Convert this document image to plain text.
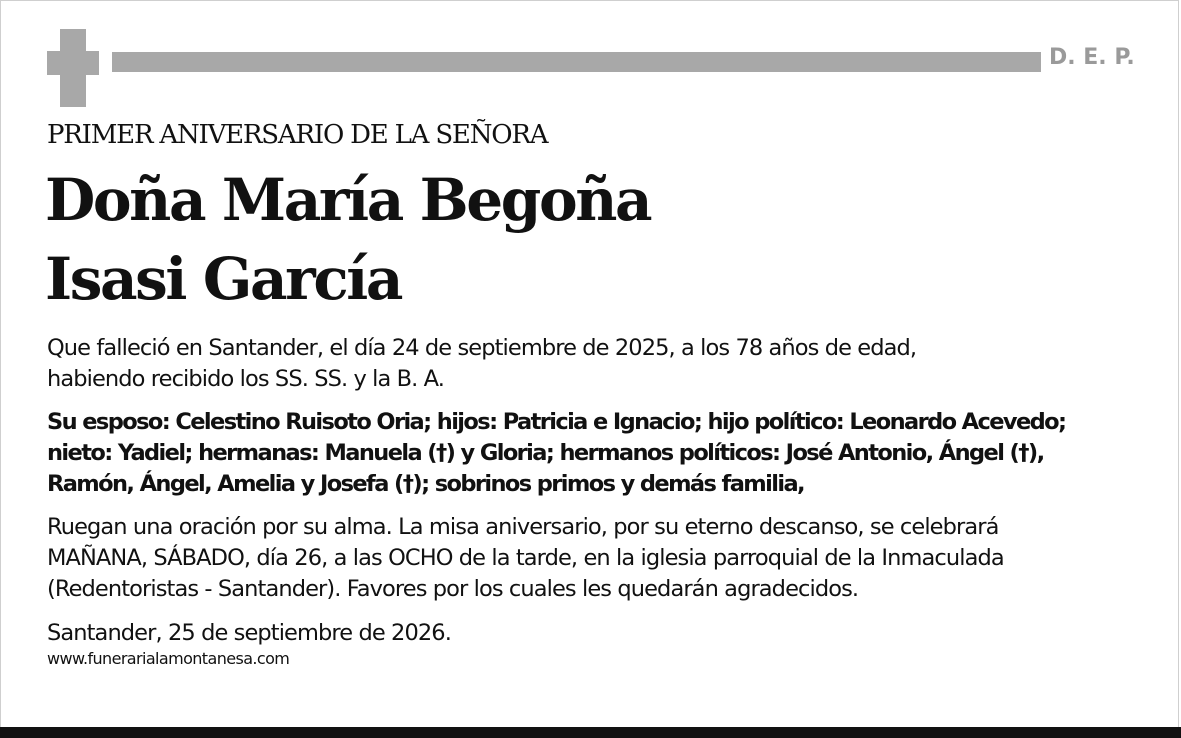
D. E. P.
PRIMER ANIVERSARIO DE LA SEÑORA
Doña María Begoña
Isasi García
Que falleció en Santander, el día 24 de septiembre de 2025, a los 78 años de edad,
habiendo recibido los SS. SS. y la B. A.
Su esposo: Celestino Ruisoto Oria; hijos: Patricia e Ignacio; hijo político: Leonardo Acevedo;
nieto: Yadiel; hermanas: Manuela (†) y Gloria; hermanos políticos: José Antonio, Ángel (†),
Ramón, Ángel, Amelia y Josefa (†); sobrinos primos y demás familia,
Ruegan una oración por su alma. La misa aniversario, por su eterno descanso, se celebrará
MAÑANA, SÁBADO, día 26, a las OCHO de la tarde, en la iglesia parroquial de la Inmaculada
(Redentoristas - Santander). Favores por los cuales les quedarán agradecidos.
Santander, 25 de septiembre de 2026.
www.funerarialamontanesa.com
